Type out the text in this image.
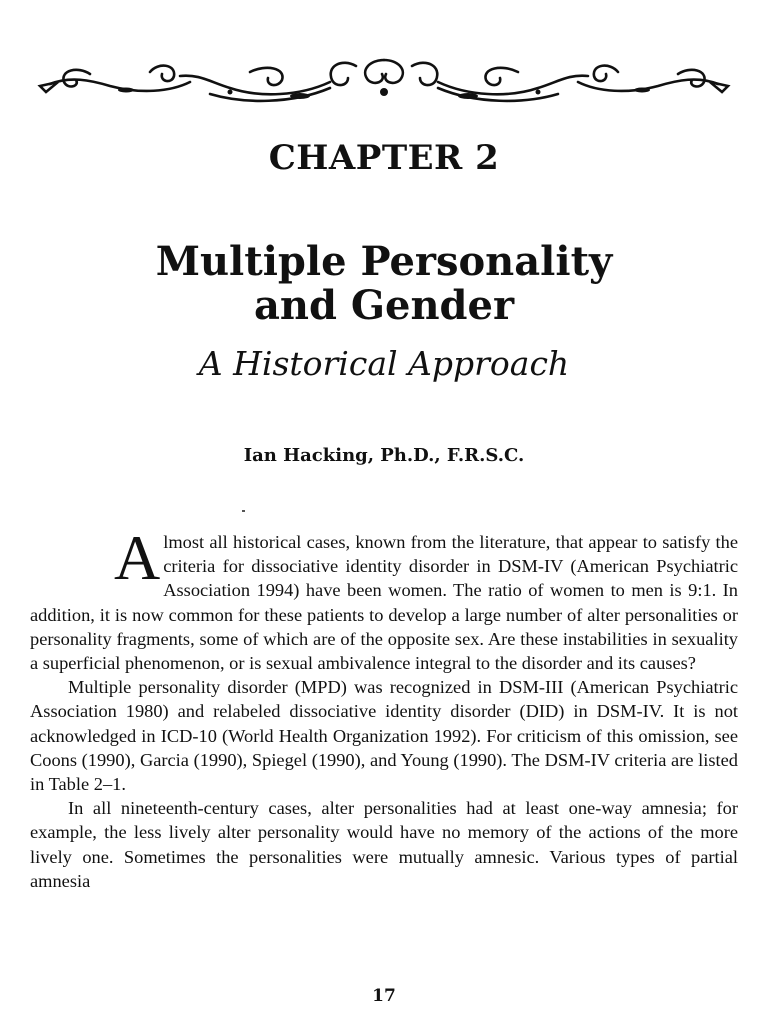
CHAPTER 2
Multiple Personality
and Gender
A Historical Approach
Ian Hacking, Ph.D., F.R.S.C.

Almost all historical cases, known from the literature, that appear to satisfy the criteria for dissociative identity disorder in DSM-IV (American Psychiatric Association 1994) have been women. The ratio of women to men is 9:1. In addition, it is now common for these patients to develop a large number of alter personalities or personality fragments, some of which are of the opposite sex. Are these instabilities in sexuality a superficial phenomenon, or is sexual ambivalence integral to the disorder and its causes?

Multiple personality disorder (MPD) was recognized in DSM-III (American Psychiatric Association 1980) and relabeled dissociative identity disorder (DID) in DSM-IV. It is not acknowledged in ICD-10 (World Health Organization 1992). For criticism of this omission, see Coons (1990), Garcia (1990), Spiegel (1990), and Young (1990). The DSM-IV criteria are listed in Table 2–1.

In all nineteenth-century cases, alter personalities had at least one-way amnesia; for example, the less lively alter personality would have no memory of the actions of the more lively one. Sometimes the personalities were mutually amnesic. Various types of partial amnesia

17
